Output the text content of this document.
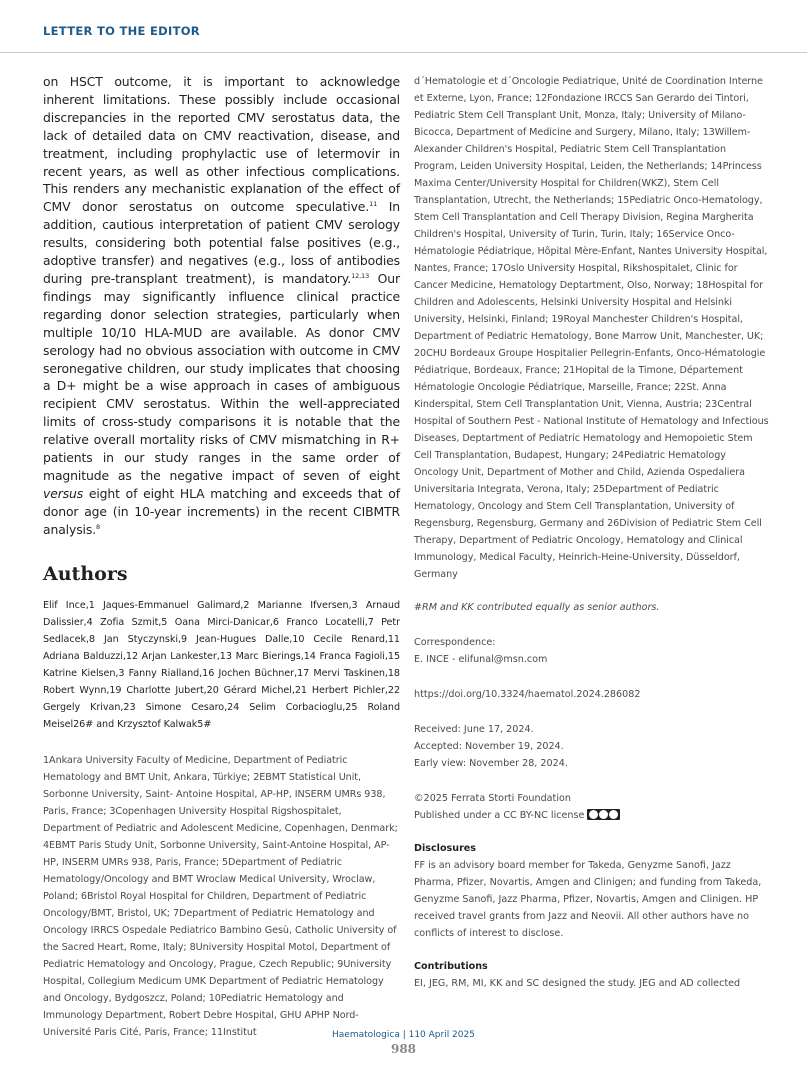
LETTER TO THE EDITOR

on HSCT outcome, it is important to acknowledge inherent limitations. These possibly include occasional discrepancies in the reported CMV serostatus data, the lack of detailed data on CMV reactivation, disease, and treatment, including prophylactic use of letermovir in recent years, as well as other infectious complications. This renders any mechanistic explanation of the effect of CMV donor serostatus on outcome speculative.$^{11}$ In addition, cautious interpretation of patient CMV serology results, considering both potential false positives (e.g., adoptive transfer) and negatives (e.g., loss of antibodies during pre-transplant treatment), is mandatory.$^{12,13}$ Our findings may significantly influence clinical practice regarding donor selection strategies, particularly when multiple 10/10 HLA-MUD are available. As donor CMV serology had no obvious association with outcome in CMV seronegative children, our study implicates that choosing a D+ might be a wise approach in cases of ambiguous recipient CMV serostatus. Within the well-appreciated limits of cross-study comparisons it is notable that the relative overall mortality risks of CMV mismatching in R+ patients in our study ranges in the same order of magnitude as the negative impact of seven of eight versus eight of eight HLA matching and exceeds that of donor age (in 10-year increments) in the recent CIBMTR analysis.$^8$

Authors

Elif Ince,1 Jaques-Emmanuel Galimard,2 Marianne Ifversen,3 Arnaud Dalissier,4 Zofia Szmit,5 Oana Mirci-Danicar,6 Franco Locatelli,7 Petr Sedlacek,8 Jan Styczynski,9 Jean-Hugues Dalle,10 Cecile Renard,11 Adriana Balduzzi,12 Arjan Lankester,13 Marc Bierings,14 Franca Fagioli,15 Katrine Kielsen,3 Fanny Rialland,16 Jochen Büchner,17 Mervi Taskinen,18 Robert Wynn,19 Charlotte Jubert,20 Gérard Michel,21 Herbert Pichler,22 Gergely Krivan,23 Simone Cesaro,24 Selim Corbacioglu,25 Roland Meisel26# and Krzysztof Kalwak5#

1Ankara University Faculty of Medicine, Department of Pediatric Hematology and BMT Unit, Ankara, Türkiye; 2EBMT Statistical Unit, Sorbonne University, Saint- Antoine Hospital, AP-HP, INSERM UMRs 938, Paris, France; 3Copenhagen University Hospital Rigshospitalet, Department of Pediatric and Adolescent Medicine, Copenhagen, Denmark; 4EBMT Paris Study Unit, Sorbonne University, Saint-Antoine Hospital, AP-HP, INSERM UMRs 938, Paris, France; 5Department of Pediatric Hematology/Oncology and BMT Wroclaw Medical University, Wroclaw, Poland; 6Bristol Royal Hospital for Children, Department of Pediatric Oncology/BMT, Bristol, UK; 7Department of Pediatric Hematology and Oncology IRRCS Ospedale Pediatrico Bambino Gesù, Catholic University of the Sacred Heart, Rome, Italy; 8University Hospital Motol, Department of Pediatric Hematology and Oncology, Prague, Czech Republic; 9University Hospital, Collegium Medicum UMK Department of Pediatric Hematology and Oncology, Bydgoszcz, Poland; 10Pediatric Hematology and Immunology Department, Robert Debre Hospital, GHU APHP Nord-Université Paris Cité, Paris, France; 11Institut

d´Hematologie et d´Oncologie Pediatrique, Unité de Coordination Interne et Externe, Lyon, France; 12Fondazione IRCCS San Gerardo dei Tintori, Pediatric Stem Cell Transplant Unit, Monza, Italy; University of Milano-Bicocca, Department of Medicine and Surgery, Milano, Italy; 13Willem-Alexander Children's Hospital, Pediatric Stem Cell Transplantation Program, Leiden University Hospital, Leiden, the Netherlands; 14Princess Maxima Center/University Hospital for Children(WKZ), Stem Cell Transplantation, Utrecht, the Netherlands; 15Pediatric Onco-Hematology, Stem Cell Transplantation and Cell Therapy Division, Regina Margherita Children's Hospital, University of Turin, Turin, Italy; 16Service Onco-Hématologie Pédiatrique, Hôpital Mère-Enfant, Nantes University Hospital, Nantes, France; 17Oslo University Hospital, Rikshospitalet, Clinic for Cancer Medicine, Hematology Deptartment, Olso, Norway; 18Hospital for Children and Adolescents, Helsinki University Hospital and Helsinki University, Helsinki, Finland; 19Royal Manchester Children's Hospital, Department of Pediatric Hematology, Bone Marrow Unit, Manchester, UK; 20CHU Bordeaux Groupe Hospitalier Pellegrin-Enfants, Onco-Hématologie Pédiatrique, Bordeaux, France; 21Hopital de la Timone, Département Hématologie Oncologie Pédiatrique, Marseille, France; 22St. Anna Kinderspital, Stem Cell Transplantation Unit, Vienna, Austria; 23Central Hospital of Southern Pest - National Institute of Hematology and Infectious Diseases, Deptartment of Pediatric Hematology and Hemopoietic Stem Cell Transplantation, Budapest, Hungary; 24Pediatric Hematology Oncology Unit, Department of Mother and Child, Azienda Ospedaliera Universitaria Integrata, Verona, Italy; 25Department of Pediatric Hematology, Oncology and Stem Cell Transplantation, University of Regensburg, Regensburg, Germany and 26Division of Pediatric Stem Cell Therapy, Department of Pediatric Oncology, Hematology and Clinical Immunology, Medical Faculty, Heinrich-Heine-University, Düsseldorf, Germany

#RM and KK contributed equally as senior authors.

Correspondence:

E. INCE - elifunal@msn.com

https://doi.org/10.3324/haematol.2024.286082

Received: June 17, 2024.

Accepted: November 19, 2024.

Early view: November 28, 2024.

©2025 Ferrata Storti Foundation

Published under a CC BY-NC license

Disclosures

FF is an advisory board member for Takeda, Genyzme Sanofi, Jazz Pharma, Pfizer, Novartis, Amgen and Clinigen; and funding from Takeda, Genyzme Sanofi, Jazz Pharma, Pfizer, Novartis, Amgen and Clinigen. HP received travel grants from Jazz and Neovii. All other authors have no conflicts of interest to disclose.

Contributions

EI, JEG, RM, MI, KK and SC designed the study. JEG and AD collected

Haematologica | 110 April 2025
988
